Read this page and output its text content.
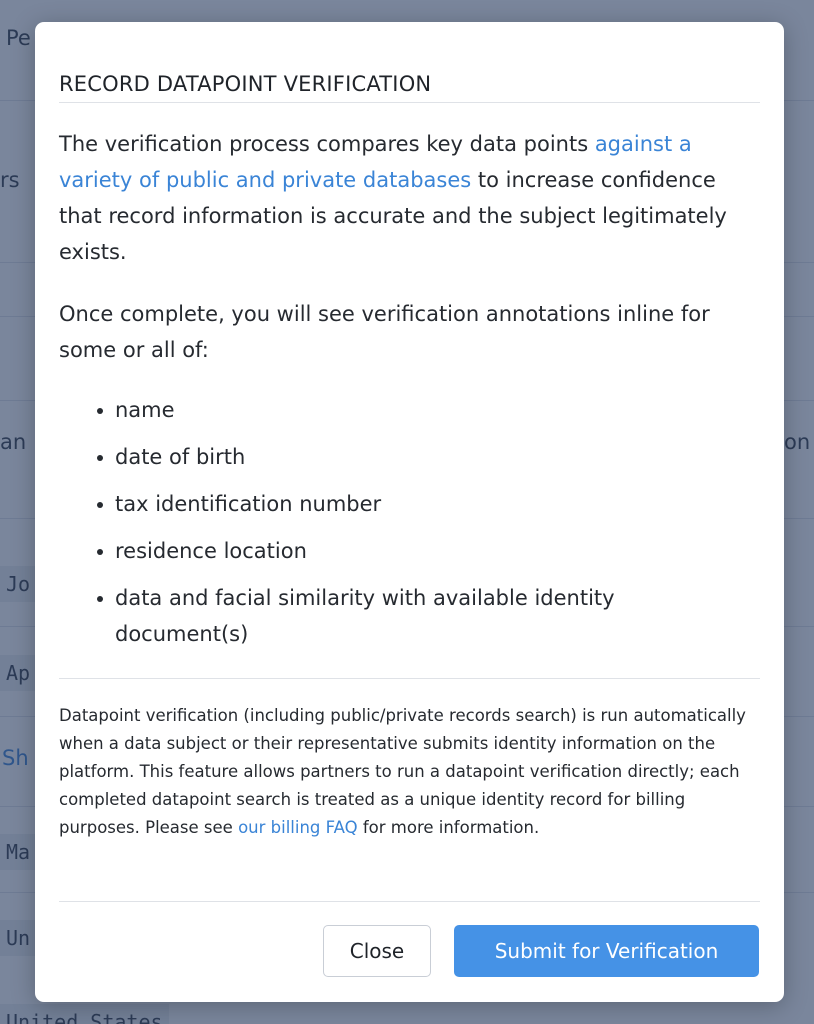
RECORD DATAPOINT VERIFICATION

The verification process compares key data points against a variety of public and private databases to increase confidence that record information is accurate and the subject legitimately exists.

Once complete, you will see verification annotations inline for some or all of:

name
date of birth
tax identification number
residence location
data and facial similarity with available identity document(s)

Datapoint verification (including public/private records search) is run automatically when a data subject or their representative submits identity information on the platform. This feature allows partners to run a datapoint verification directly; each completed datapoint search is treated as a unique identity record for billing purposes. Please see our billing FAQ for more information.

Close	Submit for Verification
